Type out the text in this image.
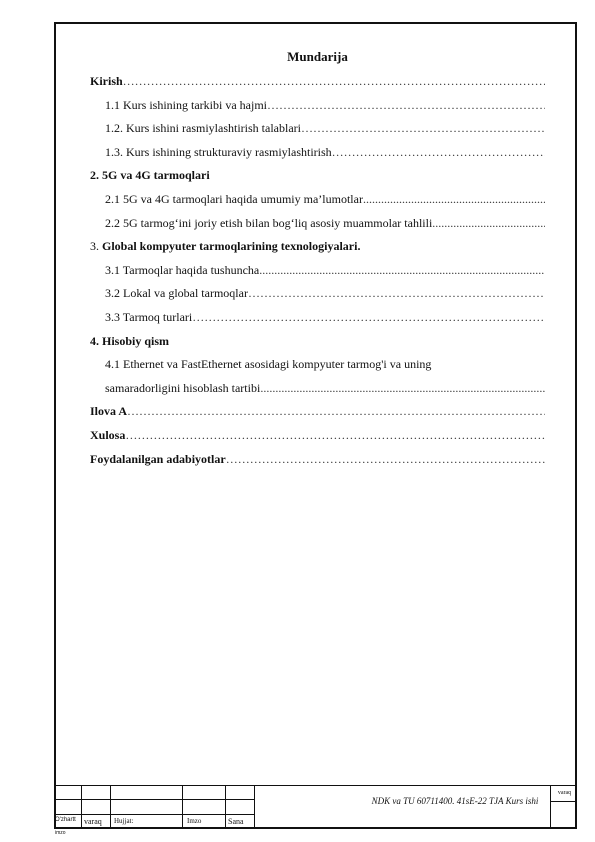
Mundarija
Kirish
……………………………………………………………………………………………………………………………………………
1.1 Kurs ishining tarkibi va hajmi
……………………………………………………………………………………………………………………………………………
1.2. Kurs ishini rasmiylashtirish talablari
……………………………………………………………………………………………………………………………………………
1.3. Kurs ishining strukturaviy rasmiylashtirish
……………………………………………………………………………………………………………………………………………
2. 5G va 4G tarmoqlari
2.1 5G va 4G tarmoqlari haqida umumiy ma’lumotlar
.....
2.2 5G tarmog‘ini joriy etish bilan bog‘liq asosiy muammolar tahlili
.....
3. Global kompyuter tarmoqlarining texnologiyalari.
3.1 Tarmoqlar haqida tushuncha
.....
3.2 Lokal va global tarmoqlar
……………………………………………………………………………………………………………………………………………
3.3 Tarmoq turlari
……………………………………………………………………………………………………………………………………………
4. Hisobiy qism
4.1 Ethernet va FastEthernet asosidagi kompyuter tarmog'i va uning
samaradorligini hisoblash tartibi
.....
Ilova A
……………………………………………………………………………………………………………………………………………
Xulosa
……………………………………………………………………………………………………………………………………………
Foydalanilgan adabiyotlar
……………………………………………………………………………………………………………………………………………
NDK va TU 60711400. 41sE-22 TJA Kurs ishi
varaq
O'zhartt varaq Hujjat:	Imzo	Sana
imzo
